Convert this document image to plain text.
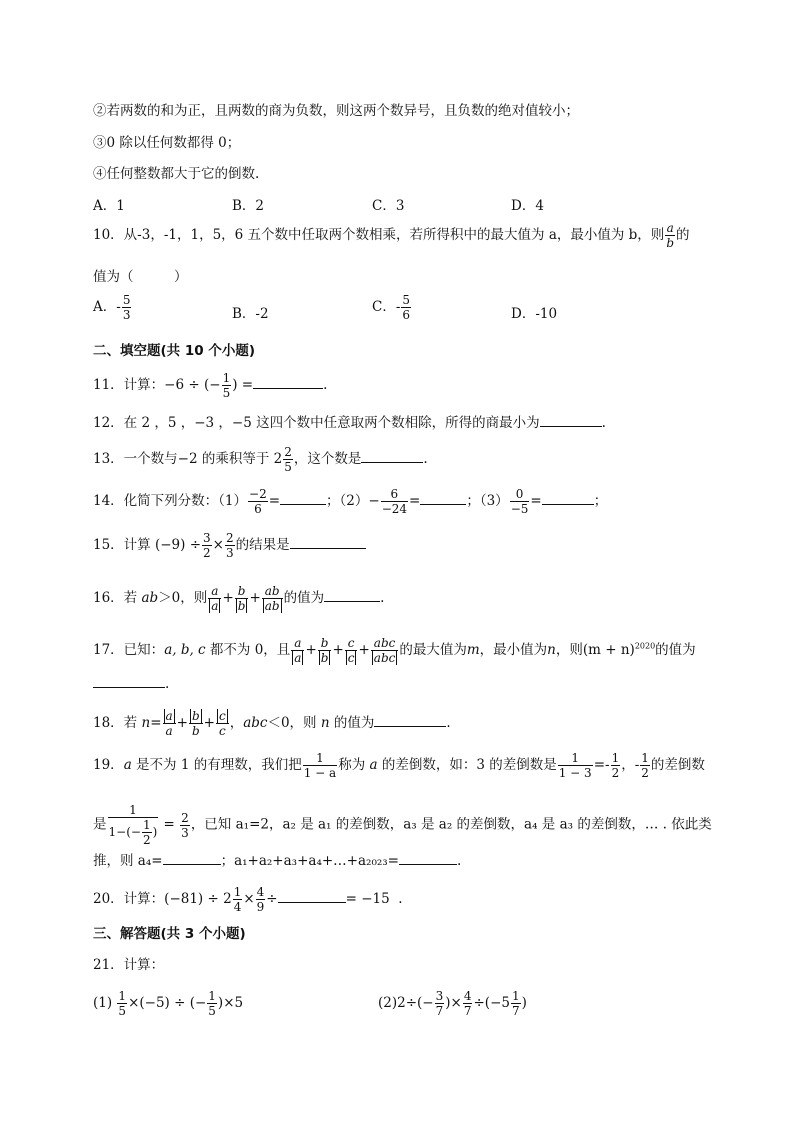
②若两数的和为正，且两数的商为负数，则这两个数异号，且负数的绝对值较小；
③0 除以任何数都得 0；
④任何整数都大于它的倒数.
A．1	B．2	C．3	D．4
10．从-3，-1，1，5，6 五个数中任取两个数相乘，若所得积中的最大值为 a，最小值为 b，则 $\frac{a}{b}$ 的
值为（　　　）
A．- $\frac{5}{3}$	B．-2	C．- $\frac{5}{6}$	D．-10
二、填空题(共 10 个小题)
11．计算：−6 ÷ (− $\frac{1}{5}$ ) =	.
12．在 2 ，5 ，−3 ，−5 这四个数中任意取两个数相除，所得的商最小为	.
13．一个数与−2 的乘积等于 $2 \frac{2}{5}$ ，这个数是	.
14．化简下列分数：$(1) \frac{-2}{6}$ =	；$(2)- \frac{6}{-24}$ =	；$(3) \frac{0}{-5}$ =	；
15．计算 $(-9) \div \frac{3}{2} \times \frac{2}{3}$ 的结果是
16．若 ab＞0，则 $\frac{a}{a} + \frac{b}{b} + \frac{ab}{ab}$ 的值为	.
17．已知：a, b, c 都不为 0，且 $\frac{a}{a} + \frac{b}{b} + \frac{c}{c} + \frac{\text{abc}}{\text{abc}}$ 的最大值为m，最小值为n，则$(m + n)^{2020}$的值为
.
18．若 $n= \frac{a}{a} + \frac{b}{b} + \frac{c}{c}$ ，abc＜0，则 n 的值为	.
19．a 是不为 1 的有理数，我们把 $\frac{1}{1 - a}$ 称为 a 的差倒数，如：3 的差倒数是 $\frac{1}{1 - 3} =- \frac{1}{2}$ ，- $\frac{1}{2}$ 的差倒数
是 $\frac{1}{1-(- \frac{1}{2} )} = \frac{2}{3}$ ，已知 a₁=2，a₂ 是 a₁ 的差倒数，a₃ 是 a₂ 的差倒数，a₄ 是 a₃ 的差倒数，… . 依此类
推，则 a₄=	；a₁+a₂+a₃+a₄+…+a₂₀₂₃=	.
20．计算：$(-81) \div 2 \frac{1}{4} \times \frac{4}{9}$ ÷	= −15 .
三、解答题(共 3 个小题)
21．计算：
$(1) \frac{1}{5} \times(-5)$ ÷ (− $\frac{1}{5} )\times 5$	$(2)2\div(- \frac{3}{7}$ )× $\frac{4}{7} \div(-5 \frac{1}{7}$ )
